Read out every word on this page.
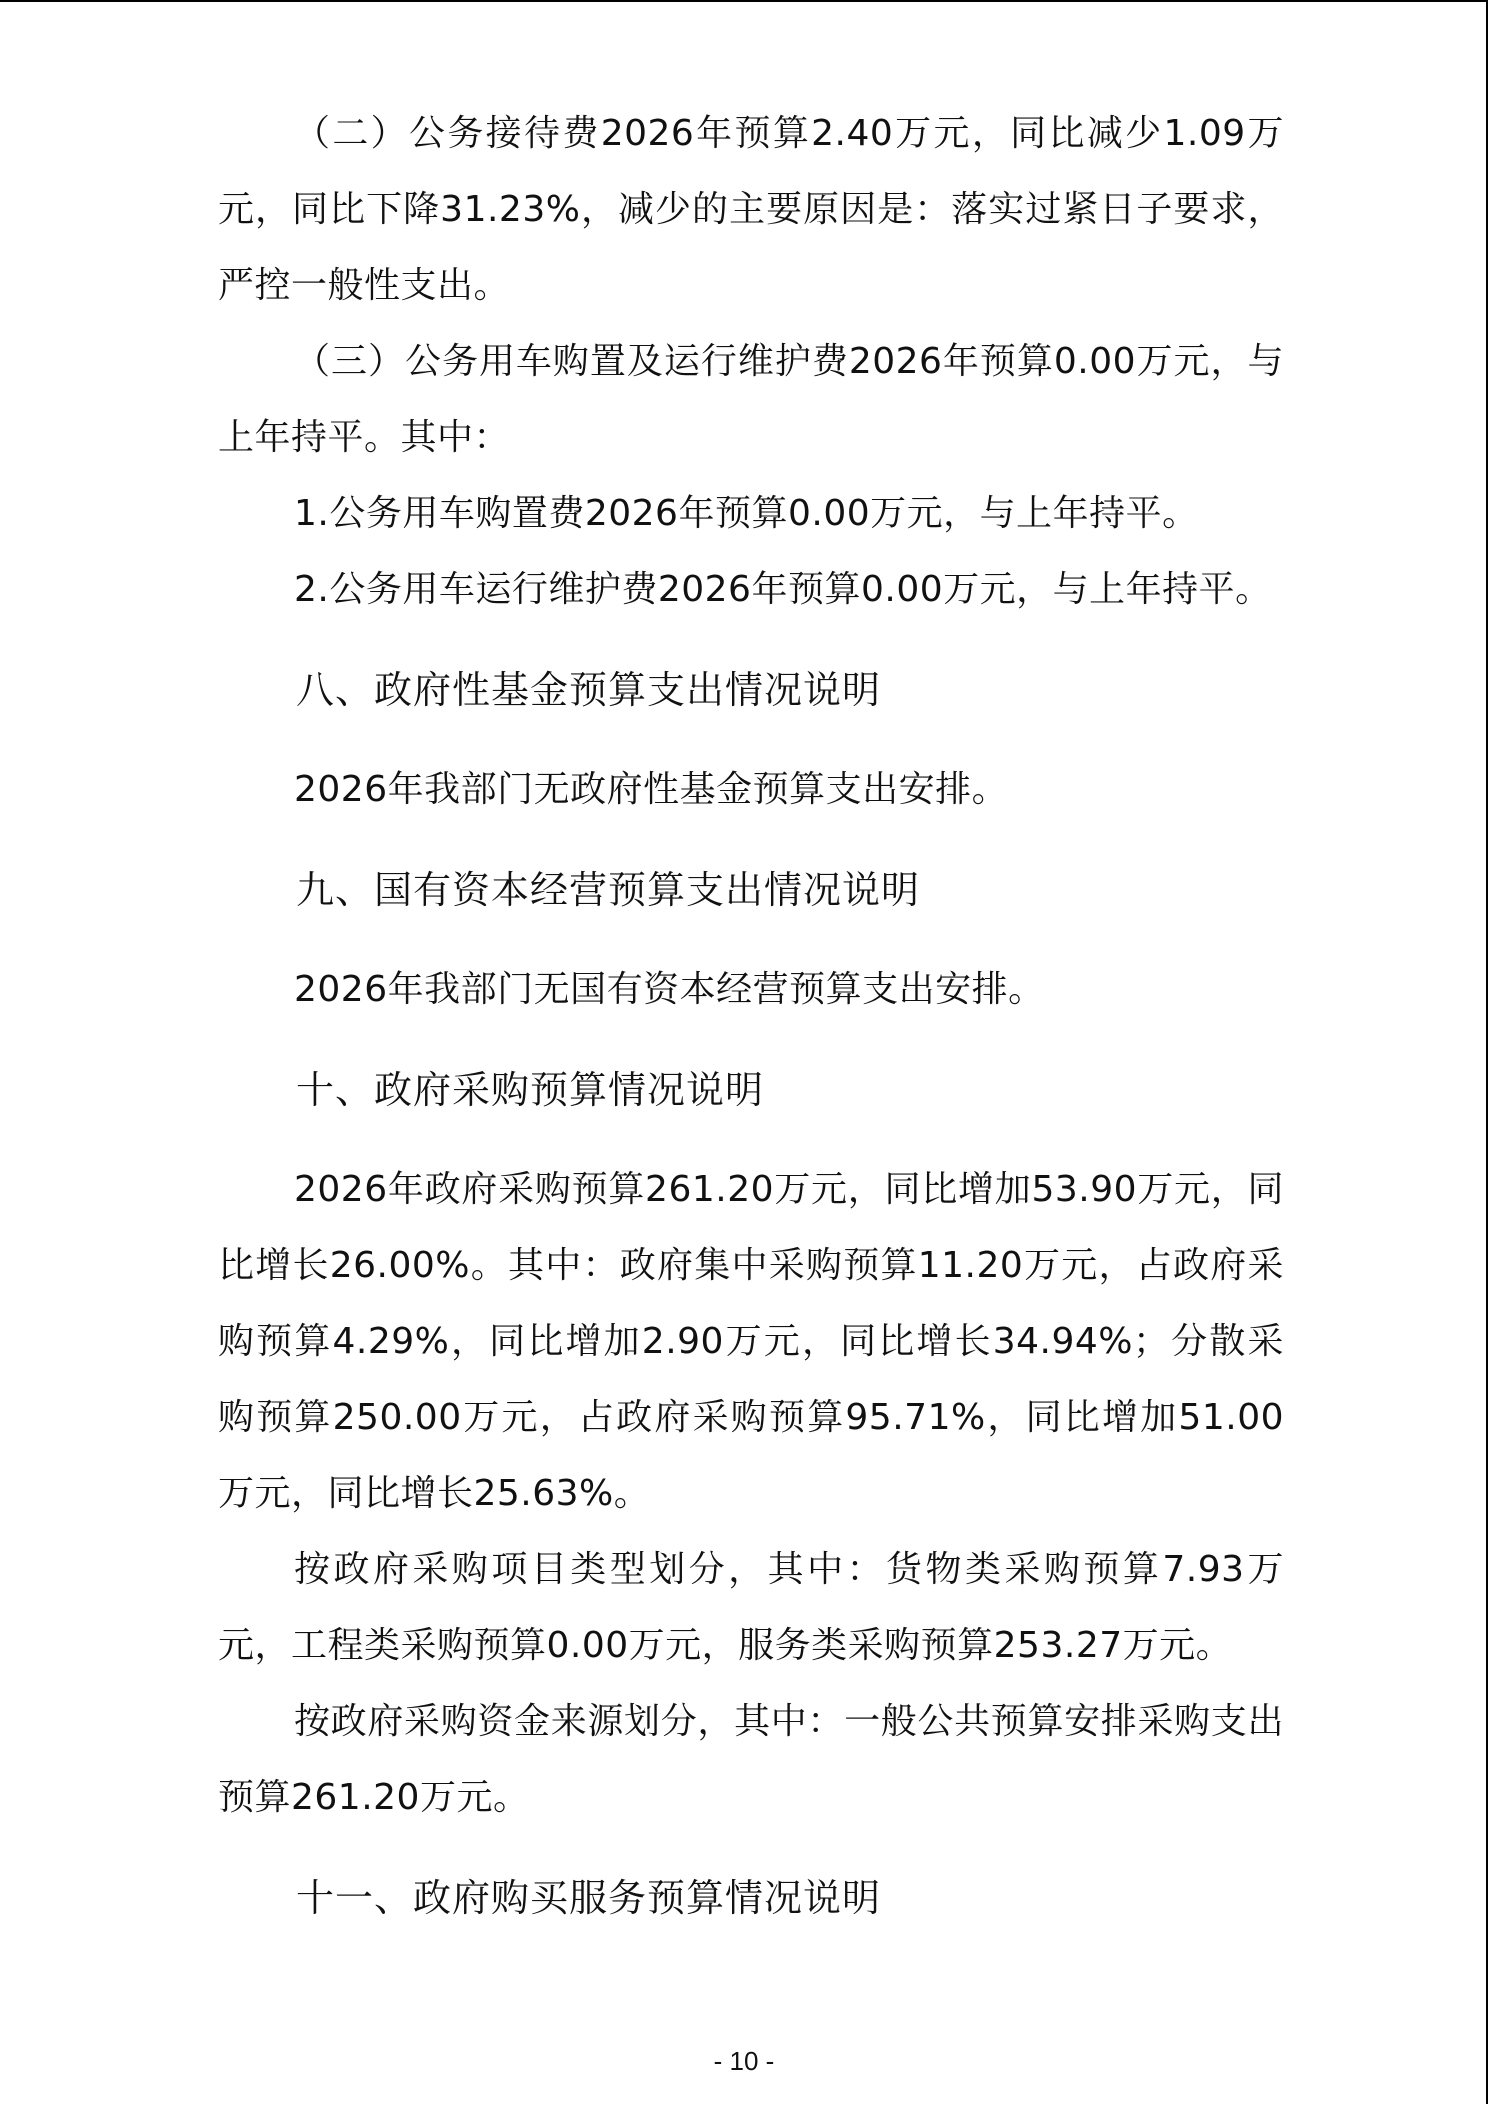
（二）公务接待费2026年预算2.40万元，同比减少1.09万元，同比下降31.23%，减少的主要原因是：落实过紧日子要求，严控一般性支出。

（三）公务用车购置及运行维护费2026年预算0.00万元，与上年持平。其中：

1.公务用车购置费2026年预算0.00万元，与上年持平。

2.公务用车运行维护费2026年预算0.00万元，与上年持平。

八、政府性基金预算支出情况说明

2026年我部门无政府性基金预算支出安排。

九、国有资本经营预算支出情况说明

2026年我部门无国有资本经营预算支出安排。

十、政府采购预算情况说明

2026年政府采购预算261.20万元，同比增加53.90万元，同比增长26.00%。其中：政府集中采购预算11.20万元，占政府采购预算4.29%，同比增加2.90万元，同比增长34.94%；分散采购预算250.00万元，占政府采购预算95.71%，同比增加51.00万元，同比增长25.63%。

按政府采购项目类型划分，其中：货物类采购预算7.93万元，工程类采购预算0.00万元，服务类采购预算253.27万元。

按政府采购资金来源划分，其中：一般公共预算安排采购支出预算261.20万元。

十一、政府购买服务预算情况说明
- 10 -
